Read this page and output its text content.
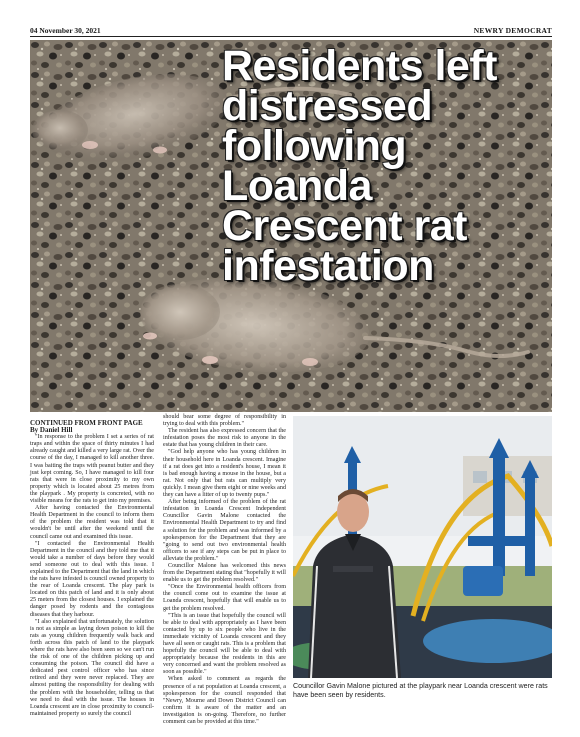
04 November 30, 2021	NEWRY DEMOCRAT
Residents left distressed following Loanda Crescent rat infestation

CONTINUED FROM FRONT PAGE

By Daniel Hill

"In response to the problem I set a series of rat traps and within the space of thirty minutes I had already caught and killed a very large rat. Over the course of the day, I managed to kill another three. I was baiting the traps with peanut butter and they just kept coming. So, I have managed to kill four rats that were in close proximity to my own property which is located about 25 metres from the playpark . My property is concreted, with no visible means for the rats to get into my premises.

After having contacted the Environmental Health Department in the council to inform them of the problem the resident was told that it wouldn't be until after the weekend until the council came out and examined this issue.

"I contacted the Environmental Health Department in the council and they told me that it would take a number of days before they would send someone out to deal with this issue. I explained to the Department that the land in which the rats have infested is council owned property to the rear of Loanda crescent. The play park is located on this patch of land and it is only about 25 meters from the closest houses. I explained the danger posed by rodents and the contagious diseases that they harbour.

"I also explained that unfortunately, the solution is not as simple as laying down poison to kill the rats as young children frequently walk back and forth across this patch of land to the playpark where the rats have also been seen so we can't run the risk of one of the children picking up and consuming the poison. The council did have a dedicated pest control officer who has since retired and they were never replaced. They are almost putting the responsibility for dealing with the problem with the householder, telling us that we need to deal with the issue. The houses in Loanda crescent are in close proximity to council-maintained property so surely the council

should bear some degree of responsibility in trying to deal with this problem."

The resident has also expressed concern that the infestation poses the most risk to anyone in the estate that has young children in their care.

"God help anyone who has young children in their household here in Loanda crescent. Imagine if a rat does get into a resident's house, I mean it is bad enough having a mouse in the house, but a rat. Not only that but rats can multiply very quickly. I mean give them eight or nine weeks and they can have a litter of up to twenty pups."

After being informed of the problem of the rat infestation in Loanda Crescent Independent Councillor Gavin Malone contacted the Environmental Health Department to try and find a solution for the problem and was informed by a spokesperson for the Department that they are "going to send out two environmental health officers to see if any steps can be put in place to alleviate the problem."

Councillor Malone has welcomed this news from the Department stating that "hopefully it will enable us to get the problem resolved."

"Once the Environmental health officers from the council come out to examine the issue at Loanda crescent, hopefully that will enable us to get the problem resolved.

"This is an issue that hopefully the council will be able to deal with appropriately as I have been contacted by up to six people who live in the immediate vicinity of Loanda crescent and they have all seen or caught rats. This is a problem that hopefully the council will be able to deal with appropriately because the residents in this are very concerned and want the problem resolved as soon as possible."

When asked to comment as regards the presence of a rat population at Loanda crescent, a spokesperson for the council responded that "Newry, Mourne and Down District Council can confirm it is aware of the matter and an investigation is on-going. Therefore, no further comment can be provided at this time."

Councillor Gavin Malone pictured at the playpark near Loanda crescent were rats have been seen by residents.
